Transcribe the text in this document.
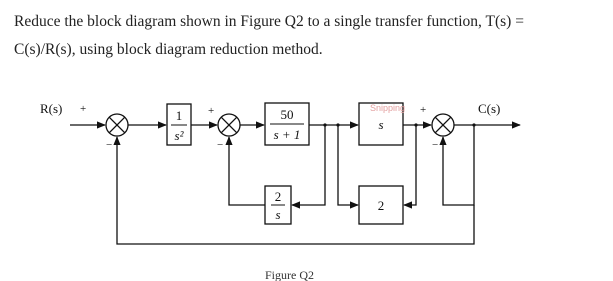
Reduce the block diagram shown in Figure Q2 to a single transfer function, T(s) =

C(s)/R(s), using block diagram reduction method.

R(s) +
−
1
s²
+
−
50
s + 1
s
+
Snipping
−
C(s)
2
s
2
Figure Q2
